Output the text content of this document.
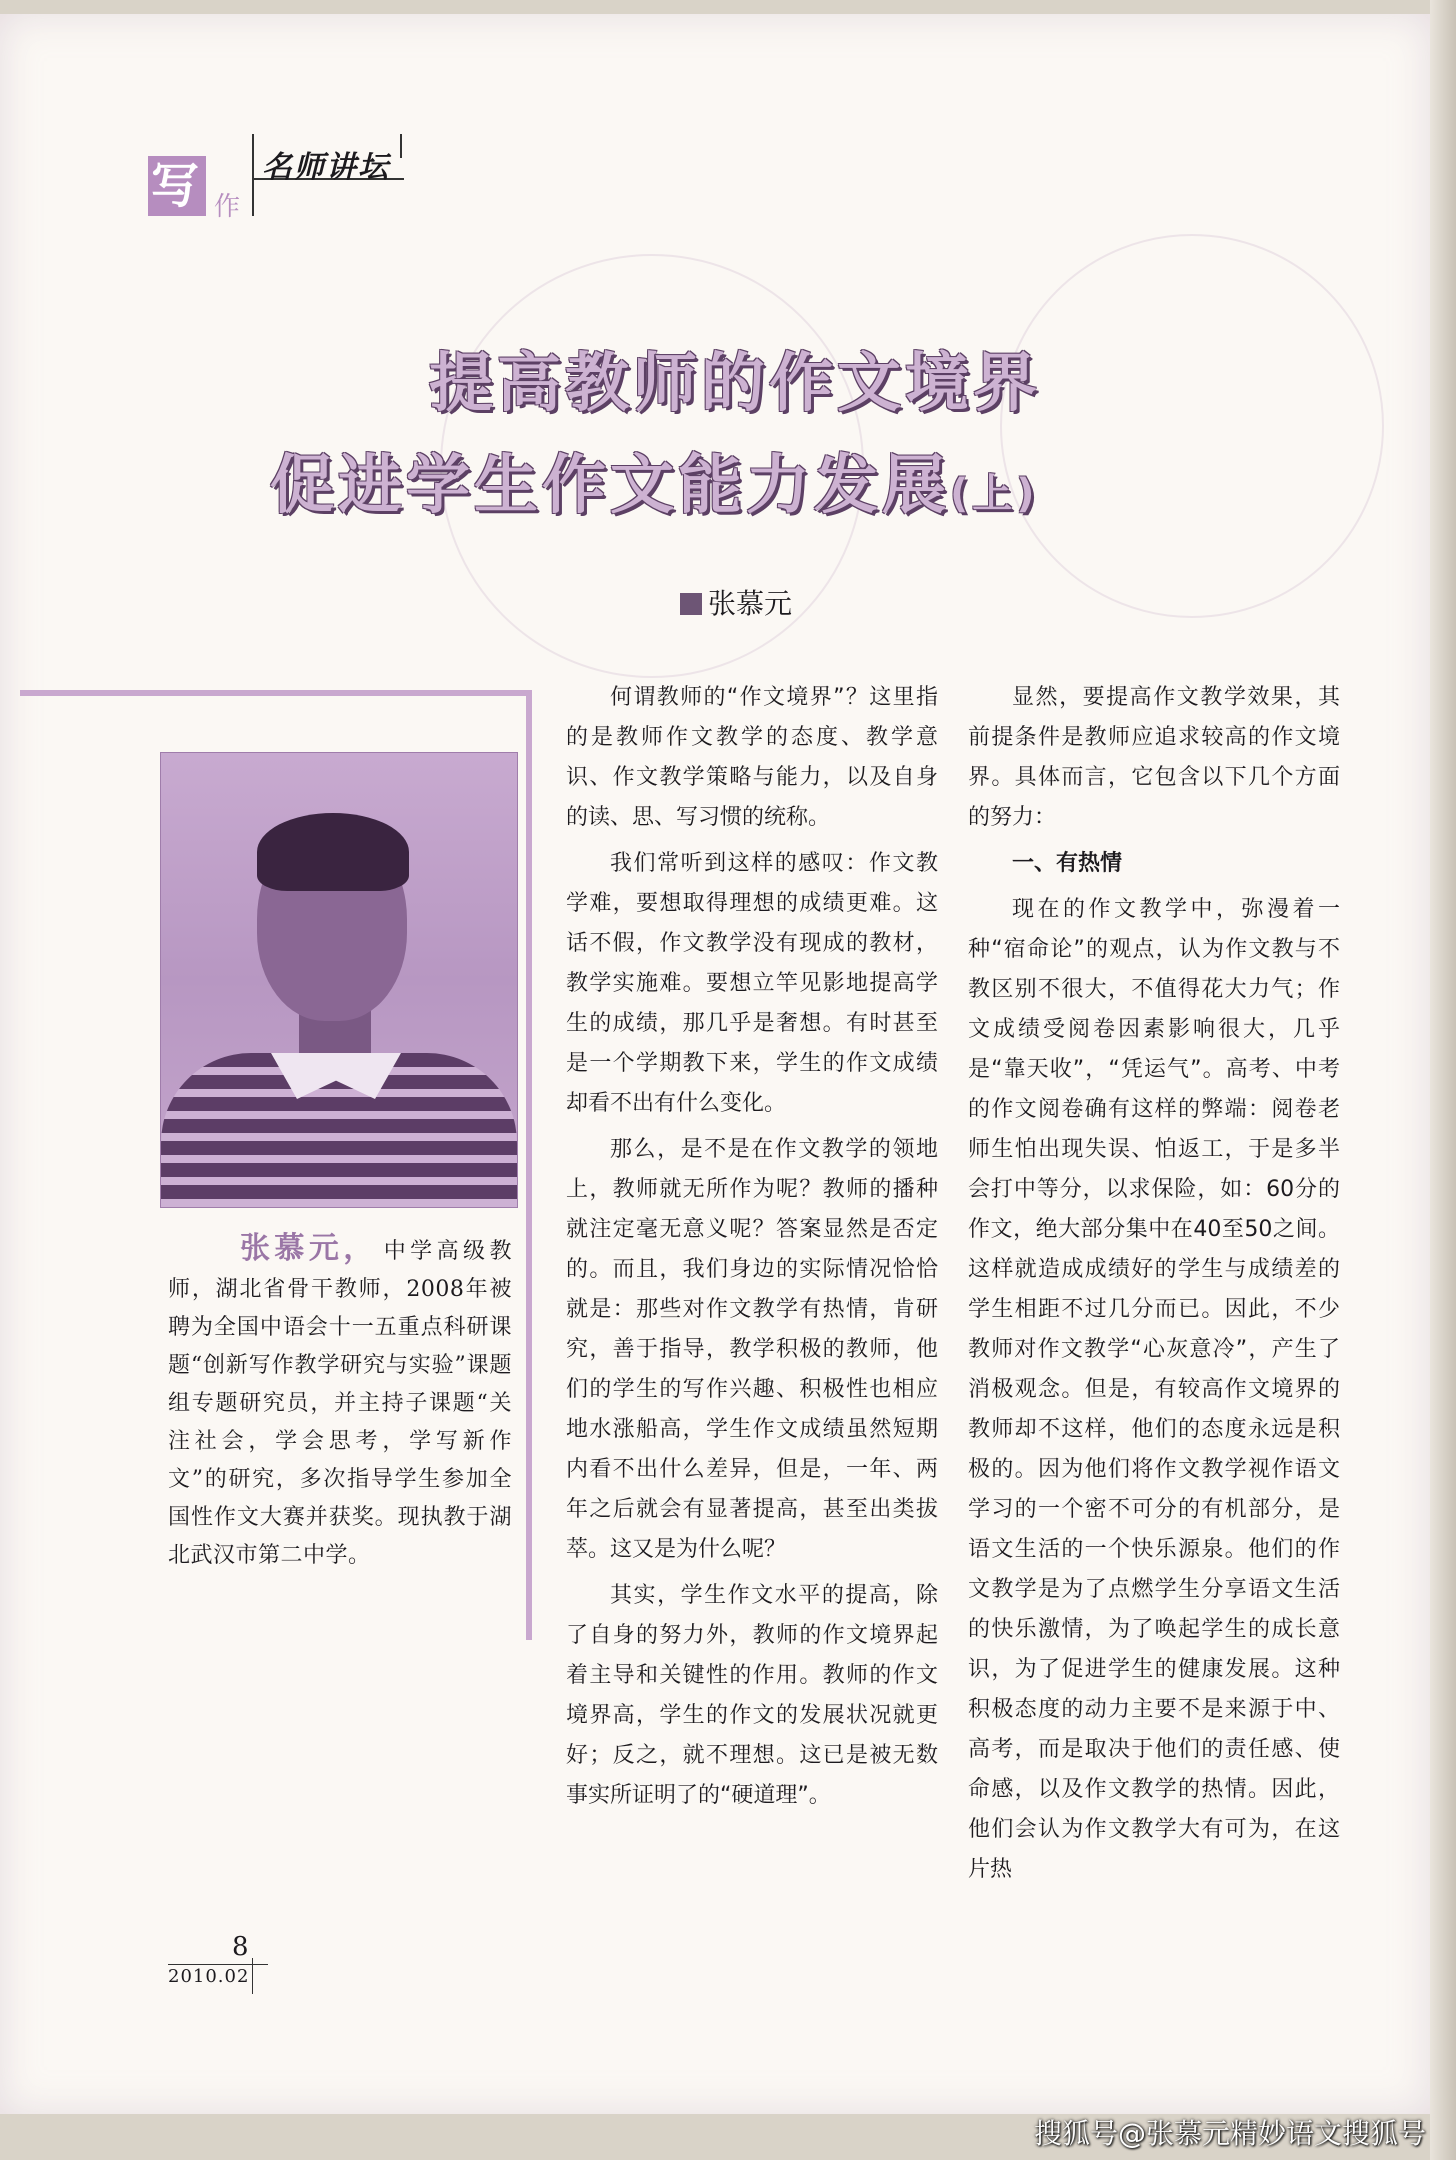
写 作
名师讲坛
提高教师的作文境界
促进学生作文能力发展(上)
张慕元
张慕元， 中学高级教师，湖北省骨干教师，2008年被聘为全国中语会十一五重点科研课题“创新写作教学研究与实验”课题组专题研究员，并主持子课题“关注社会，学会思考，学写新作文”的研究，多次指导学生参加全国性作文大赛并获奖。现执教于湖北武汉市第二中学。

何谓教师的“作文境界”？这里指的是教师作文教学的态度、教学意识、作文教学策略与能力，以及自身的读、思、写习惯的统称。

我们常听到这样的感叹：作文教学难，要想取得理想的成绩更难。这话不假，作文教学没有现成的教材，教学实施难。要想立竿见影地提高学生的成绩，那几乎是奢想。有时甚至是一个学期教下来，学生的作文成绩却看不出有什么变化。

那么，是不是在作文教学的领地上，教师就无所作为呢？教师的播种就注定毫无意义呢？答案显然是否定的。而且，我们身边的实际情况恰恰就是：那些对作文教学有热情，肯研究，善于指导，教学积极的教师，他们的学生的写作兴趣、积极性也相应地水涨船高，学生作文成绩虽然短期内看不出什么差异，但是，一年、两年之后就会有显著提高，甚至出类拔萃。这又是为什么呢？

其实，学生作文水平的提高，除了自身的努力外，教师的作文境界起着主导和关键性的作用。教师的作文境界高，学生的作文的发展状况就更好；反之，就不理想。这已是被无数事实所证明了的“硬道理”。

显然，要提高作文教学效果，其前提条件是教师应追求较高的作文境界。具体而言，它包含以下几个方面的努力：

一、有热情

现在的作文教学中，弥漫着一种“宿命论”的观点，认为作文教与不教区别不很大，不值得花大力气；作文成绩受阅卷因素影响很大，几乎是“靠天收”，“凭运气”。高考、中考的作文阅卷确有这样的弊端：阅卷老师生怕出现失误、怕返工，于是多半会打中等分，以求保险，如：60分的作文，绝大部分集中在40至50之间。这样就造成成绩好的学生与成绩差的学生相距不过几分而已。因此，不少教师对作文教学“心灰意冷”，产生了消极观念。但是，有较高作文境界的教师却不这样，他们的态度永远是积极的。因为他们将作文教学视作语文学习的一个密不可分的有机部分，是语文生活的一个快乐源泉。他们的作文教学是为了点燃学生分享语文生活的快乐激情，为了唤起学生的成长意识，为了促进学生的健康发展。这种积极态度的动力主要不是来源于中、高考，而是取决于他们的责任感、使命感，以及作文教学的热情。因此，他们会认为作文教学大有可为，在这片热

8
2010.02
搜狐号@张慕元精妙语文搜狐号
